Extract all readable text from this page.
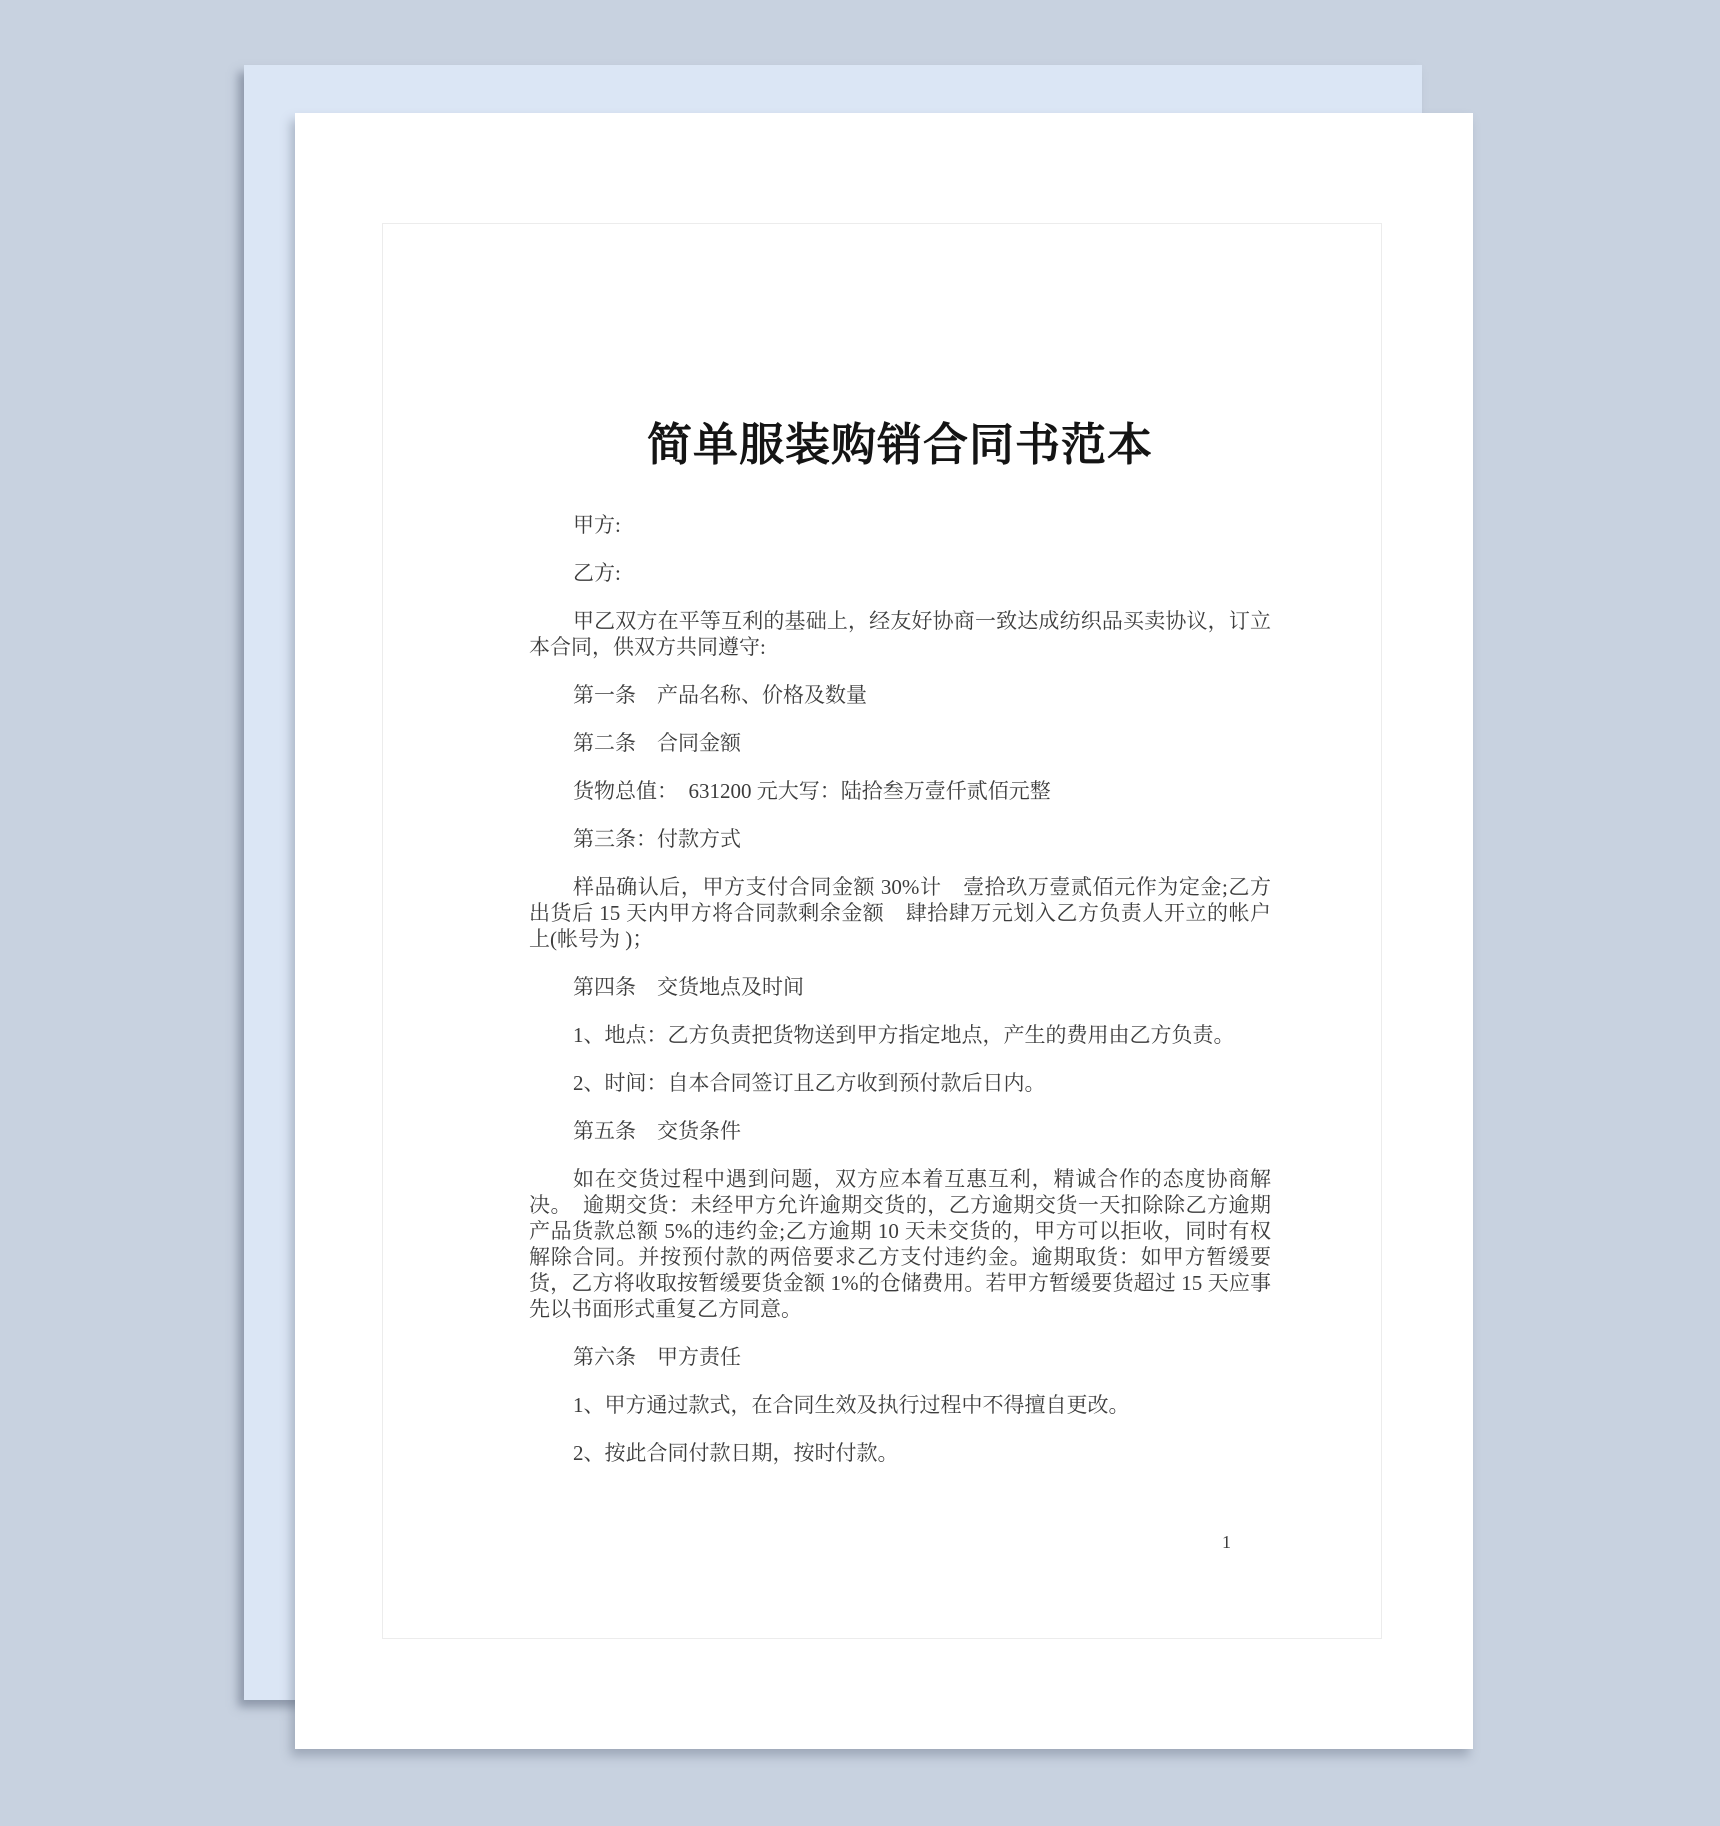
简单服装购销合同书范本

甲方:

乙方:

甲乙双方在平等互利的基础上，经友好协商一致达成纺织品买卖协议，订立本合同，供双方共同遵守:

第一条　产品名称、价格及数量

第二条　合同金额

货物总值：　631200 元大写：陆拾叁万壹仟贰佰元整

第三条：付款方式

样品确认后，甲方支付合同金额 30%计　壹拾玖万壹贰佰元作为定金;乙方出货后 15 天内甲方将合同款剩余金额　肆拾肆万元划入乙方负责人开立的帐户上(帐号为 )；

第四条　交货地点及时间

1、地点：乙方负责把货物送到甲方指定地点，产生的费用由乙方负责。

2、时间：自本合同签订且乙方收到预付款后日内。

第五条　交货条件

如在交货过程中遇到问题，双方应本着互惠互利，精诚合作的态度协商解决。　逾期交货：未经甲方允许逾期交货的，乙方逾期交货一天扣除除乙方逾期产品货款总额 5%的违约金;乙方逾期 10 天未交货的，甲方可以拒收，同时有权解除合同。并按预付款的两倍要求乙方支付违约金。逾期取货：如甲方暂缓要货，乙方将收取按暂缓要货金额 1%的仓储费用。若甲方暂缓要货超过 15 天应事先以书面形式重复乙方同意。

第六条　甲方责任

1、甲方通过款式，在合同生效及执行过程中不得擅自更改。

2、按此合同付款日期，按时付款。

1
